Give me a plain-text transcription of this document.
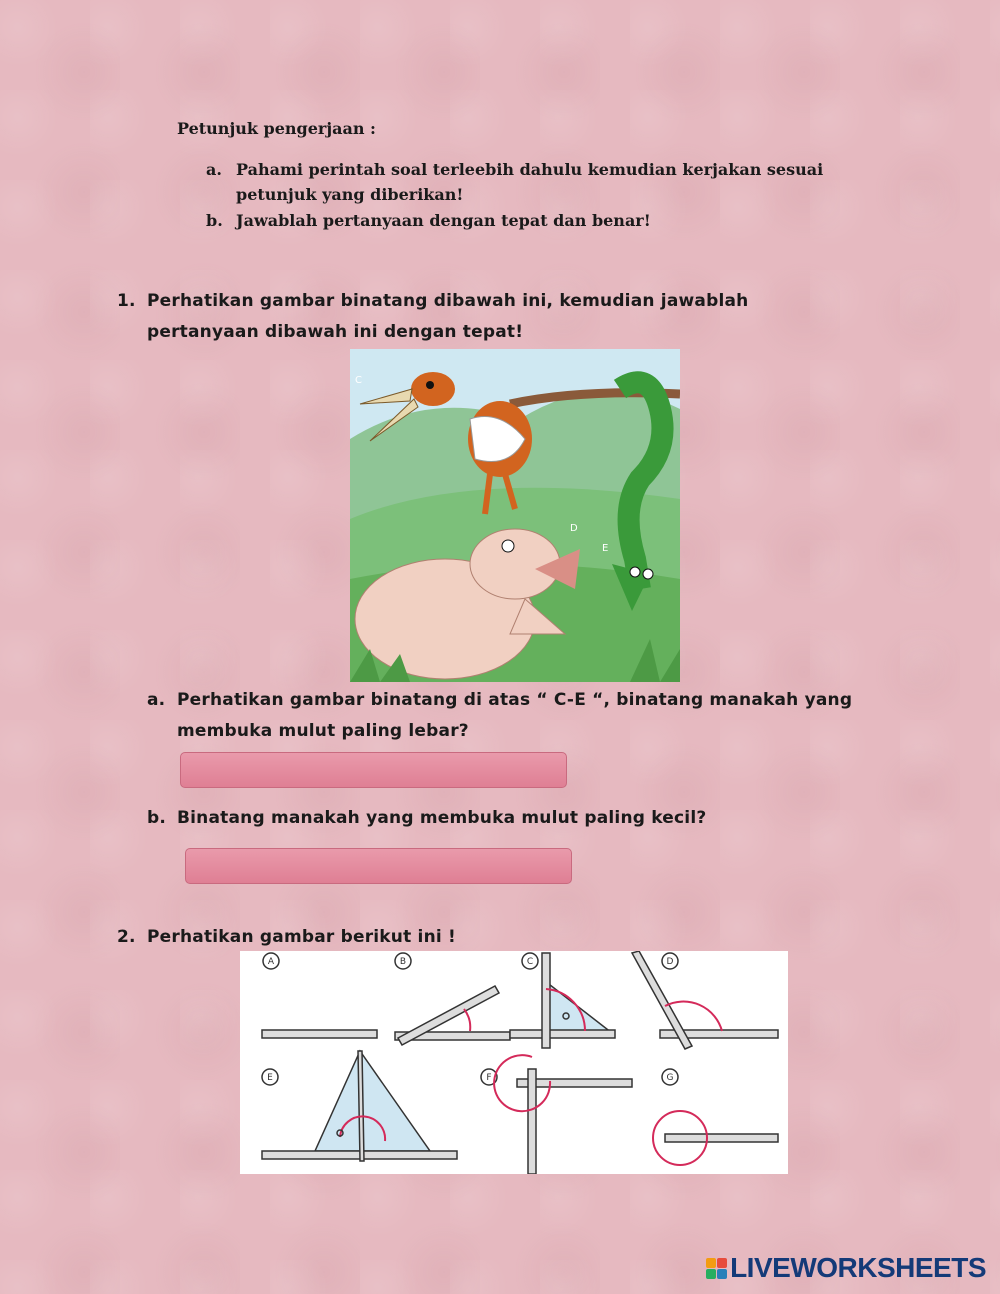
Petunjuk pengerjaan :
a. Pahami perintah soal terleebih dahulu kemudian kerjakan sesuai petunjuk yang diberikan!
b. Jawablah pertanyaan dengan tepat dan benar!
1. Perhatikan gambar binatang dibawah ini, kemudian jawablah pertanyaan dibawah ini dengan tepat!
C
D
E
a. Perhatikan gambar binatang di atas “ C-E “, binatang manakah yang membuka mulut paling lebar?
b. Binatang manakah yang membuka mulut paling kecil?
2. Perhatikan gambar berikut ini !
A	B	C	D
E	F	G
LIVEWORKSHEETS
